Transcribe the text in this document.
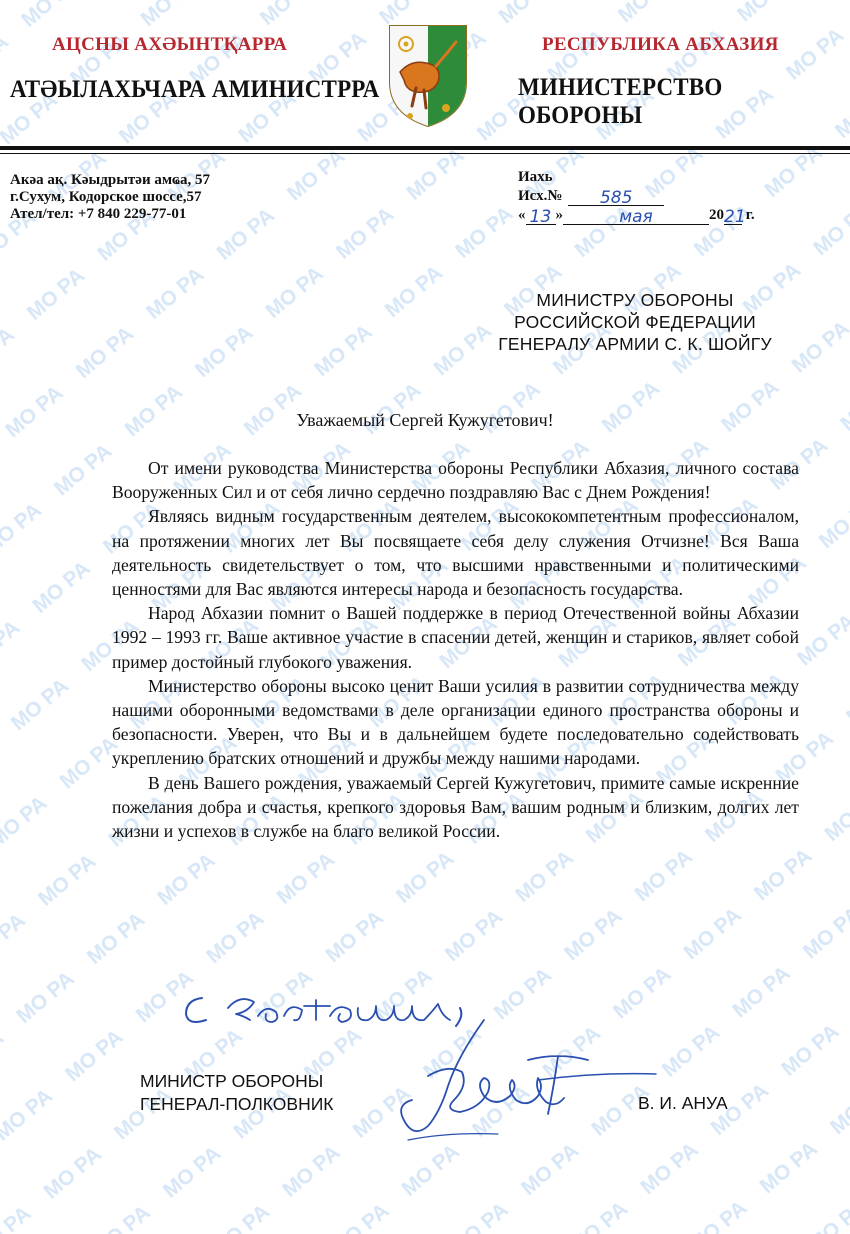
АЦСНЫ АХӘЫНТҚАРРА
АТӘЫЛАХЬЧАРА АМИНИСТРРА
РЕСПУБЛИКА АБХАЗИЯ
МИНИСТЕРСТВО ОБОРОНЫ
Акәа ақ. Кәыдрытәи амҩа, 57
г.Сухум, Кодорское шоссе,57
Ател/тел: +7 840 229-77-01
Иахь
Исх.№ 585
« 13 »	мая	2021 г.
МИНИСТРУ ОБОРОНЫ
РОССИЙСКОЙ ФЕДЕРАЦИИ
ГЕНЕРАЛУ АРМИИ С. К. ШОЙГУ
Уважаемый Сергей Кужугетович!

От имени руководства Министерства обороны Республики Абхазия, личного состава Вооруженных Сил и от себя лично сердечно поздравляю Вас с Днем Рождения!

Являясь видным государственным деятелем, высококомпетентным профессионалом, на протяжении многих лет Вы посвящаете себя делу служения Отчизне! Вся Ваша деятельность свидетельствует о том, что высшими нравственными и политическими ценностями для Вас являются интересы народа и безопасность государства.

Народ Абхазии помнит о Вашей поддержке в период Отечественной войны Абхазии 1992 – 1993 гг. Ваше активное участие в спасении детей, женщин и стариков, являет собой пример достойный глубокого уважения.

Министерство обороны высоко ценит Ваши усилия в развитии сотрудничества между нашими оборонными ведомствами в деле организации единого пространства обороны и безопасности. Уверен, что Вы и в дальнейшем будете последовательно содействовать укреплению братских отношений и дружбы между нашими народами.

В день Вашего рождения, уважаемый Сергей Кужугетович, примите самые искренние пожелания добра и счастья, крепкого здоровья Вам, вашим родным и близким, долгих лет жизни и успехов в службе на благо великой России.

МИНИСТР ОБОРОНЫ
ГЕНЕРАЛ-ПОЛКОВНИК	В. И. АНУА
